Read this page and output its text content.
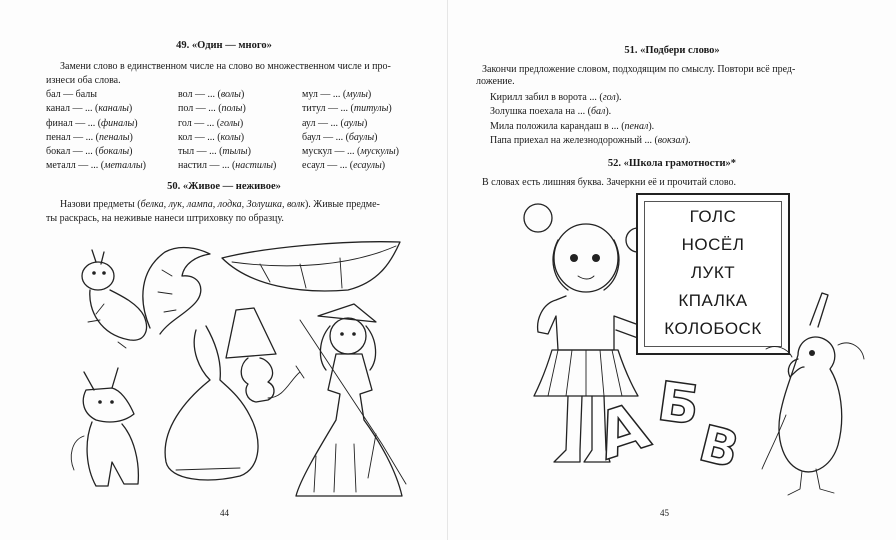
49. «Один — много»
Замени слово в единственном числе на слово во множественном числе и про-
изнеси оба слова.
бал — балы
канал — ... (каналы)
финал — ... (финалы)
пенал — ... (пеналы)
бокал — ... (бокалы)
металл — ... (металлы)
вол — ... (волы)
пол — ... (полы)
гол — ... (голы)
кол — ... (колы)
тыл — ... (тылы)
настил — ... (настилы)
мул — ... (мулы)
титул — ... (титулы)
аул — ... (аулы)
баул — ... (баулы)
мускул — ... (мускулы)
есаул — ... (есаулы)
50. «Живое — неживое»
Назови предметы (белка, лук, лампа, лодка, Золушка, волк). Живые предме-
ты раскрась, на неживые нанеси штриховку по образцу.
44
51. «Подбери слово»
Закончи предложение словом, подходящим по смыслу. Повтори всё пред-
ложение.
Кирилл забил в ворота ... (гол).
Золушка поехала на ... (бал).
Мила положила карандаш в ... (пенал).
Папа приехал на железнодорожный ... (вокзал).
52. «Школа грамотности»*
В словах есть лишняя буква. Зачеркни её и прочитай слово.
ГОЛС
НОСЁЛ
ЛУКТ
КПАЛКА
КОЛОБОСК
А
Б
В
45
